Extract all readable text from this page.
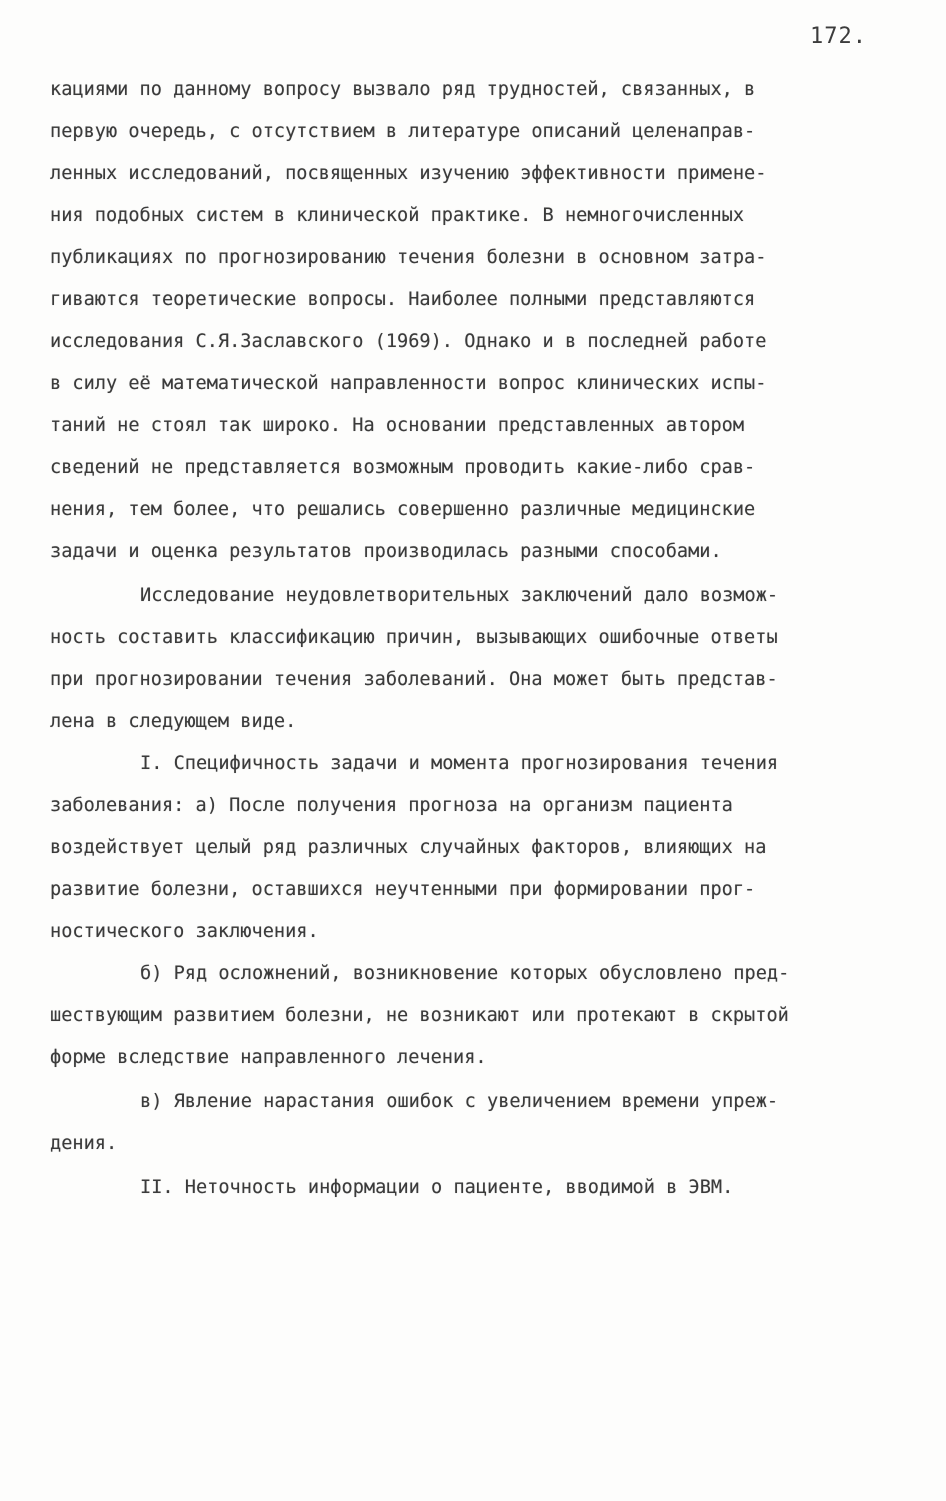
172.
кациями по данному вопросу вызвало ряд трудностей, связанных, в
первую очередь, с отсутствием в литературе описаний целенаправ-
ленных исследований, посвященных изучению эффективности примене-
ния подобных систем в клинической практике. В немногочисленных
публикациях по прогнозированию течения болезни в основном затра-
гиваются теоретические вопросы. Наиболее полными представляются
исследования С.Я.Заславского (1969). Однако и в последней работе
в силу её математической направленности вопрос клинических испы-
таний не стоял так широко. На основании представленных автором
сведений не представляется возможным проводить какие-либо срав-
нения, тем более, что решались совершенно различные медицинские
задачи и оценка результатов производилась разными способами.
Исследование неудовлетворительных заключений дало возмож-
ность составить классификацию причин, вызывающих ошибочные ответы
при прогнозировании течения заболеваний. Она может быть представ-
лена в следующем виде.
I. Специфичность задачи и момента прогнозирования течения
заболевания: а) После получения прогноза на организм пациента
воздействует целый ряд различных случайных факторов, влияющих на
развитие болезни, оставшихся неучтенными при формировании прог-
ностического заключения.
б) Ряд осложнений, возникновение которых обусловлено пред-
шествующим развитием болезни, не возникают или протекают в скрытой
форме вследствие направленного лечения.
в) Явление нарастания ошибок с увеличением времени упреж-
дения.
II. Неточность информации о пациенте, вводимой в ЭВМ.
